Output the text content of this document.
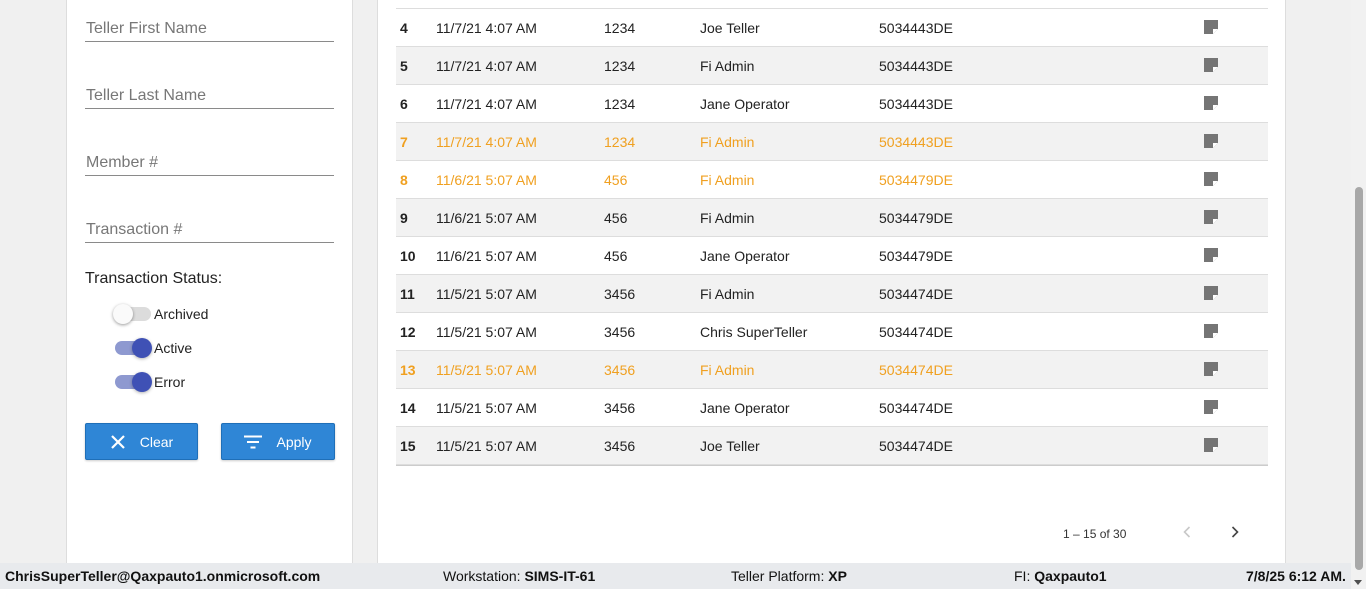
Teller First Name
Teller Last Name
Member #
Transaction #
Transaction Status:
Archived
Active
Error
Clear	Apply
4 11/7/21 4:07 AM	1234	Joe Teller	5034443DE
5 11/7/21 4:07 AM	1234	Fi Admin	5034443DE
6 11/7/21 4:07 AM	1234	Jane Operator	5034443DE
7 11/7/21 4:07 AM	1234	Fi Admin	5034443DE
8 11/6/21 5:07 AM	456	Fi Admin	5034479DE
9 11/6/21 5:07 AM	456	Fi Admin	5034479DE
10 11/6/21 5:07 AM	456	Jane Operator	5034479DE
11 11/5/21 5:07 AM	3456	Fi Admin	5034474DE
12 11/5/21 5:07 AM	3456	Chris SuperTeller	5034474DE
13 11/5/21 5:07 AM	3456	Fi Admin	5034474DE
14 11/5/21 5:07 AM	3456	Jane Operator	5034474DE
15 11/5/21 5:07 AM	3456	Joe Teller	5034474DE
1 – 15 of 30
ChrisSuperTeller@Qaxpauto1.onmicrosoft.com	Workstation: SIMS-IT-61	Teller Platform: XP	FI: Qaxpauto1	7/8/25 6:12 AM.
